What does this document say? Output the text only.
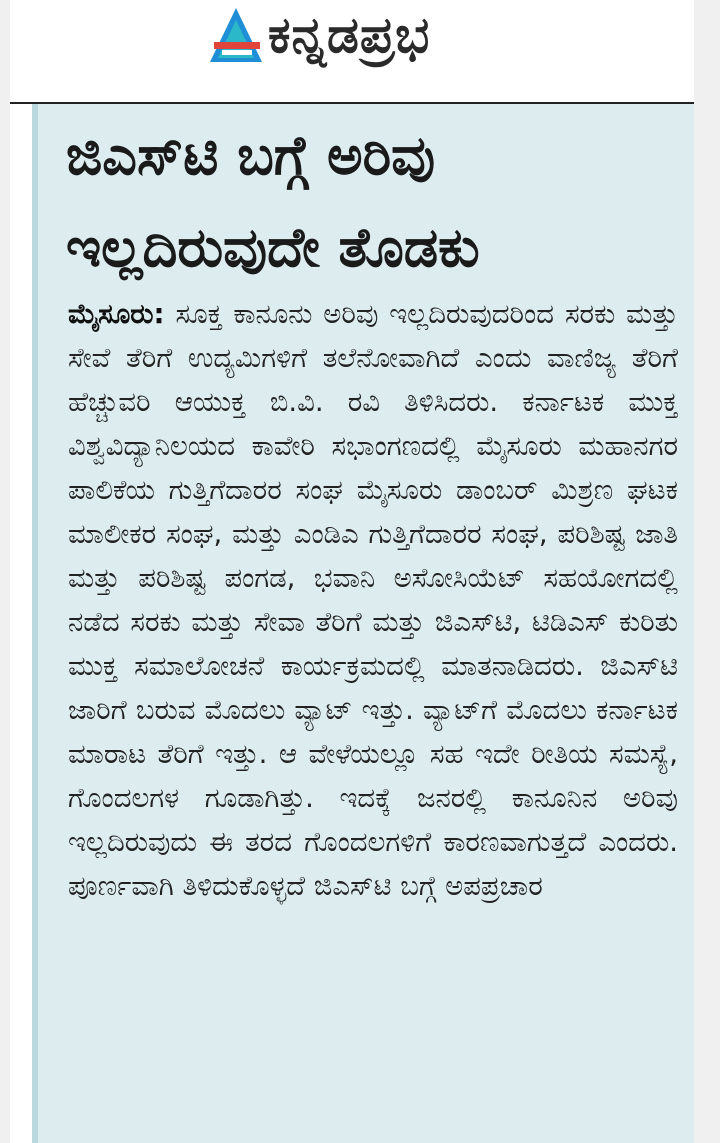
ಕನ್ನಡಪ್ರಭ
ಜಿಎಸ್‌ಟಿ ಬಗ್ಗೆ ಅರಿವು ಇಲ್ಲದಿರುವುದೇ ತೊಡಕು

ಮೈಸೂರು: ಸೂಕ್ತ ಕಾನೂನು ಅರಿವು ಇಲ್ಲದಿರುವುದರಿಂದ ಸರಕು ಮತ್ತು ಸೇವೆ ತೆರಿಗೆ ಉದ್ಯಮಿಗಳಿಗೆ ತಲೆನೋವಾಗಿದೆ ಎಂದು ವಾಣಿಜ್ಯ ತೆರಿಗೆ ಹೆಚ್ಚುವರಿ ಆಯುಕ್ತ ಬಿ.ವಿ. ರವಿ ತಿಳಿಸಿದರು. ಕರ್ನಾಟಕ ಮುಕ್ತ ವಿಶ್ವವಿದ್ಯಾನಿಲಯದ ಕಾವೇರಿ ಸಭಾಂಗಣದಲ್ಲಿ ಮೈಸೂರು ಮಹಾನಗರ ಪಾಲಿಕೆಯ ಗುತ್ತಿಗೆದಾರರ ಸಂಘ ಮೈಸೂರು ಡಾಂಬರ್ ಮಿಶ್ರಣ ಘಟಕ ಮಾಲೀಕರ ಸಂಘ, ಮತ್ತು ಎಂಡಿಎ ಗುತ್ತಿಗೆದಾರರ ಸಂಘ, ಪರಿಶಿಷ್ಟ ಜಾತಿ ಮತ್ತು ಪರಿಶಿಷ್ಟ ಪಂಗಡ, ಭವಾನಿ ಅಸೋಸಿಯೆಟ್ ಸಹಯೋಗದಲ್ಲಿ ನಡೆದ ಸರಕು ಮತ್ತು ಸೇವಾ ತೆರಿಗೆ ಮತ್ತು ಜಿಎಸ್‌ಟಿ, ಟಿಡಿಎಸ್ ಕುರಿತು ಮುಕ್ತ ಸಮಾಲೋಚನೆ ಕಾರ್ಯಕ್ರಮದಲ್ಲಿ ಮಾತನಾಡಿದರು. ಜಿಎಸ್‌ಟಿ ಜಾರಿಗೆ ಬರುವ ಮೊದಲು ವ್ಯಾಟ್ ಇತ್ತು. ವ್ಯಾಟ್‌ಗೆ ಮೊದಲು ಕರ್ನಾಟಕ ಮಾರಾಟ ತೆರಿಗೆ ಇತ್ತು. ಆ ವೇಳೆಯಲ್ಲೂ ಸಹ ಇದೇ ರೀತಿಯ ಸಮಸ್ಯೆ, ಗೊಂದಲಗಳ ಗೂಡಾಗಿತ್ತು. ಇದಕ್ಕೆ ಜನರಲ್ಲಿ ಕಾನೂನಿನ ಅರಿವು ಇಲ್ಲದಿರುವುದು ಈ ತರದ ಗೊಂದಲಗಳಿಗೆ ಕಾರಣವಾಗುತ್ತದೆ ಎಂದರು. ಪೂರ್ಣವಾಗಿ ತಿಳಿದುಕೊಳ್ಳದೆ ಜಿಎಸ್‌ಟಿ ಬಗ್ಗೆ ಅಪಪ್ರಚಾರ
